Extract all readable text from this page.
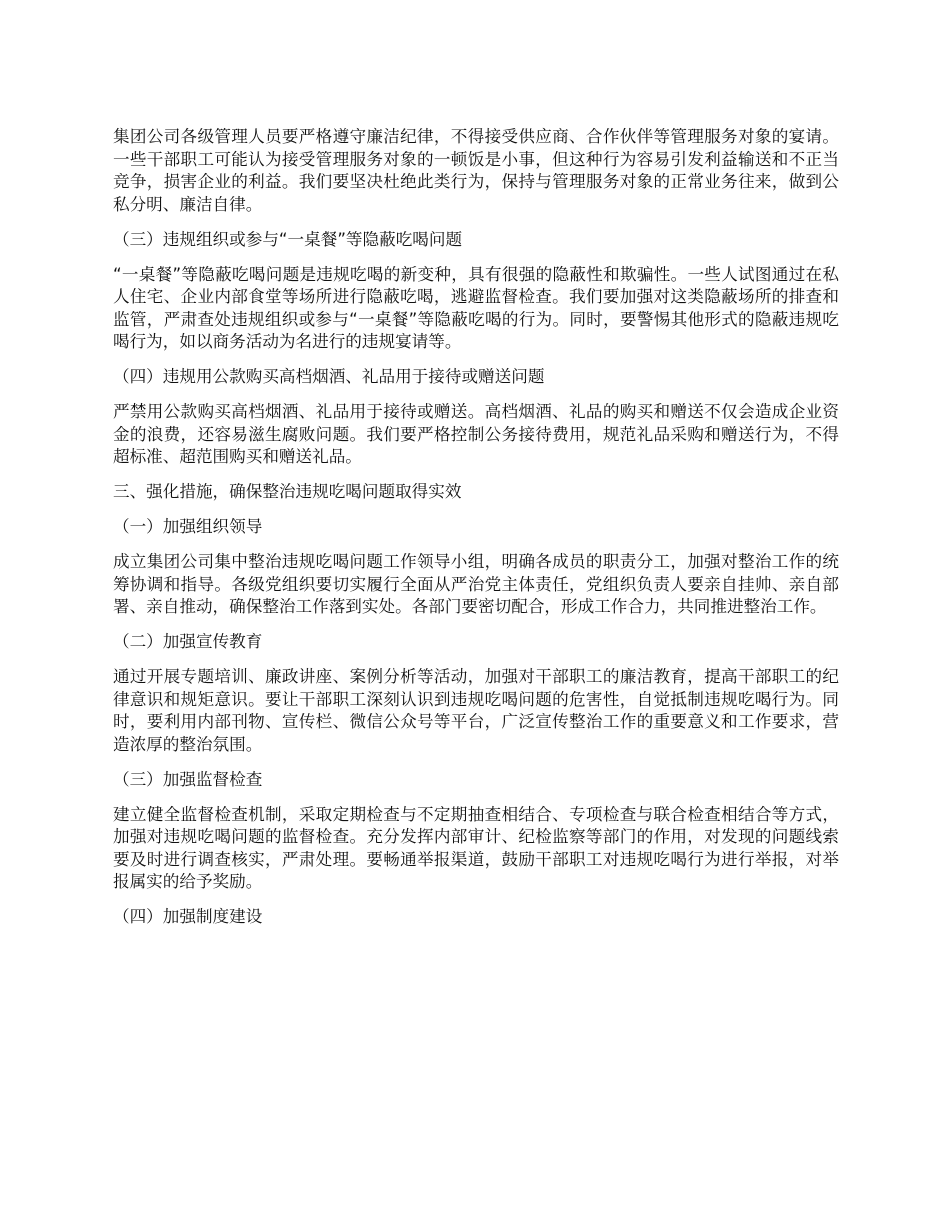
集团公司各级管理人员要严格遵守廉洁纪律，不得接受供应商、合作伙伴等管理服务对象的宴请。一些干部职工可能认为接受管理服务对象的一顿饭是小事，但这种行为容易引发利益输送和不正当竞争，损害企业的利益。我们要坚决杜绝此类行为，保持与管理服务对象的正常业务往来，做到公私分明、廉洁自律。

（三）违规组织或参与“一桌餐”等隐蔽吃喝问题

“一桌餐”等隐蔽吃喝问题是违规吃喝的新变种，具有很强的隐蔽性和欺骗性。一些人试图通过在私人住宅、企业内部食堂等场所进行隐蔽吃喝，逃避监督检查。我们要加强对这类隐蔽场所的排查和监管，严肃查处违规组织或参与“一桌餐”等隐蔽吃喝的行为。同时，要警惕其他形式的隐蔽违规吃喝行为，如以商务活动为名进行的违规宴请等。

（四）违规用公款购买高档烟酒、礼品用于接待或赠送问题

严禁用公款购买高档烟酒、礼品用于接待或赠送。高档烟酒、礼品的购买和赠送不仅会造成企业资金的浪费，还容易滋生腐败问题。我们要严格控制公务接待费用，规范礼品采购和赠送行为，不得超标准、超范围购买和赠送礼品。

三、强化措施，确保整治违规吃喝问题取得实效

（一）加强组织领导

成立集团公司集中整治违规吃喝问题工作领导小组，明确各成员的职责分工，加强对整治工作的统筹协调和指导。各级党组织要切实履行全面从严治党主体责任，党组织负责人要亲自挂帅、亲自部署、亲自推动，确保整治工作落到实处。各部门要密切配合，形成工作合力，共同推进整治工作。

（二）加强宣传教育

通过开展专题培训、廉政讲座、案例分析等活动，加强对干部职工的廉洁教育，提高干部职工的纪律意识和规矩意识。要让干部职工深刻认识到违规吃喝问题的危害性，自觉抵制违规吃喝行为。同时，要利用内部刊物、宣传栏、微信公众号等平台，广泛宣传整治工作的重要意义和工作要求，营造浓厚的整治氛围。

（三）加强监督检查

建立健全监督检查机制，采取定期检查与不定期抽查相结合、专项检查与联合检查相结合等方式，加强对违规吃喝问题的监督检查。充分发挥内部审计、纪检监察等部门的作用，对发现的问题线索要及时进行调查核实，严肃处理。要畅通举报渠道，鼓励干部职工对违规吃喝行为进行举报，对举报属实的给予奖励。

（四）加强制度建设
